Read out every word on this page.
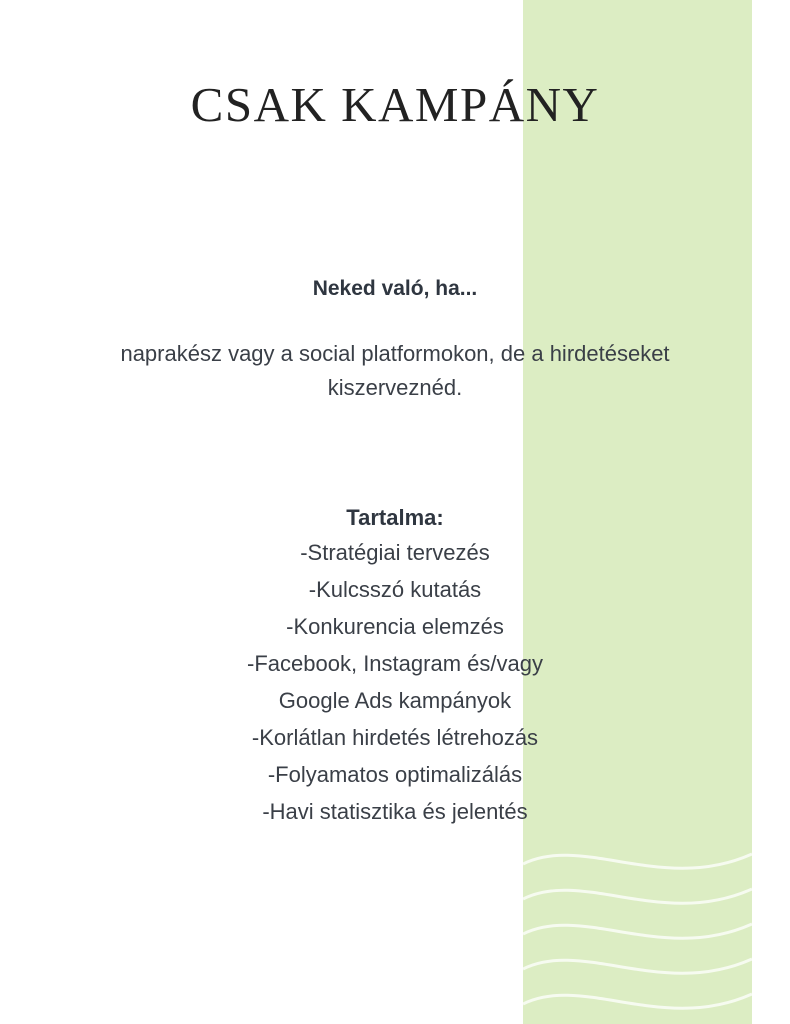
CSAK KAMPÁNY
Neked való, ha...

naprakész vagy a social platformokon, de a hirdetéseket kiszerveznéd.

Tartalma:
-Stratégiai tervezés
-Kulcsszó kutatás
-Konkurencia elemzés
-Facebook, Instagram és/vagy
Google Ads kampányok
-Korlátlan hirdetés létrehozás
-Folyamatos optimalizálás
-Havi statisztika és jelentés
